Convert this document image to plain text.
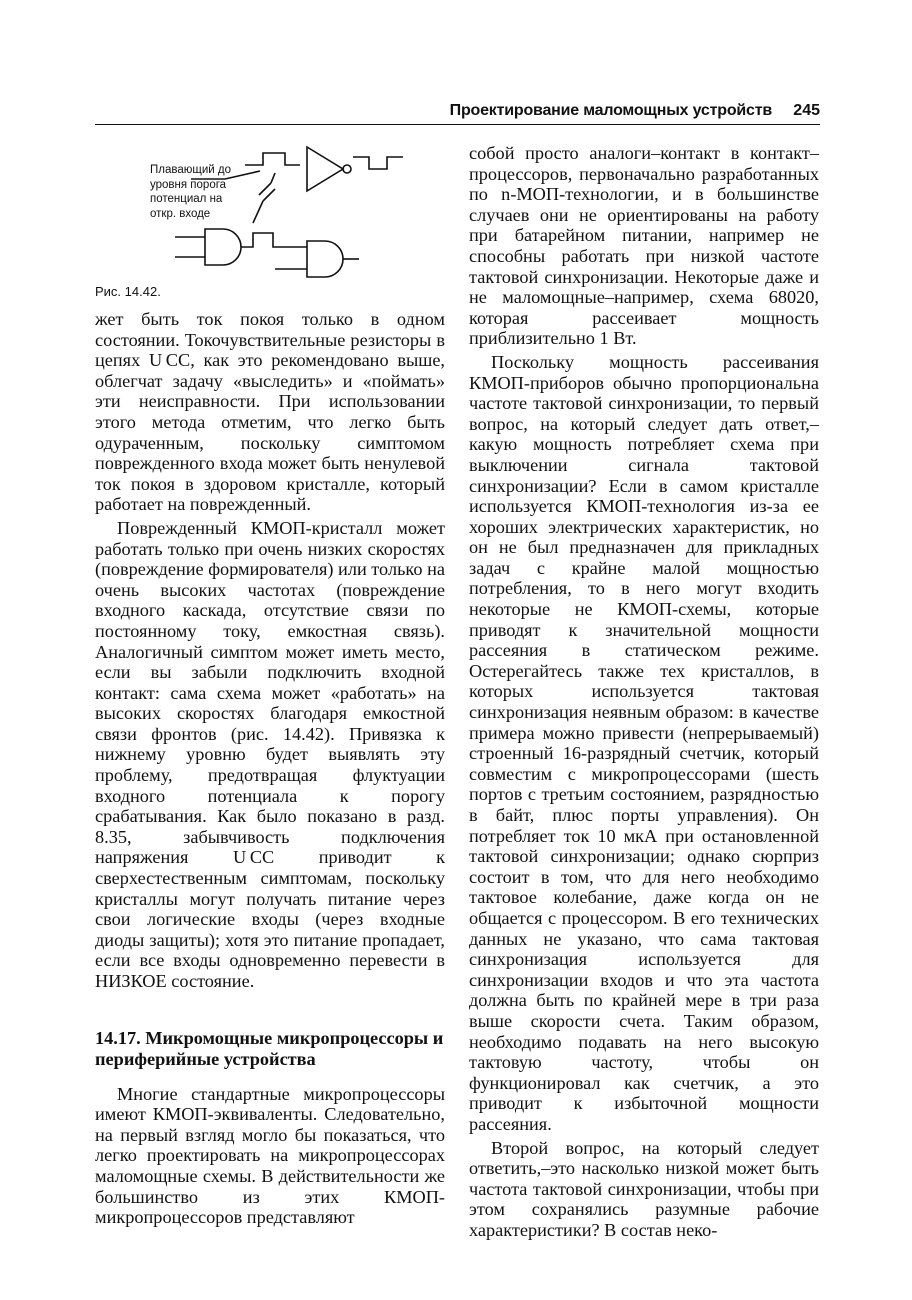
Проектирование маломощных устройств 245
Плавающий до
уровня порога
потенциал на
откр. входе
Рис. 14.42.

жет быть ток покоя только в одном состоянии. Токочувствительные резисторы в цепях U CC, как это рекомендовано выше, облегчат задачу «выследить» и «поймать» эти неисправности. При использовании этого метода отметим, что легко быть одураченным, поскольку симптомом поврежденного входа может быть ненулевой ток покоя в здоровом кристалле, который работает на поврежденный.

Поврежденный КМОП-кристалл может работать только при очень низких скоростях (повреждение формирователя) или только на очень высоких частотах (повреждение входного каскада, отсутствие связи по постоянному току, емкостная связь). Аналогичный симптом может иметь место, если вы забыли подключить входной контакт: сама схема может «работать» на высоких скоростях благодаря емкостной связи фронтов (рис. 14.42). Привязка к нижнему уровню будет выявлять эту проблему, предотвращая флуктуации входного потенциала к порогу срабатывания. Как было показано в разд. 8.35, забывчивость подключения напряжения U CC приводит к сверхестественным симптомам, поскольку кристаллы могут получать питание через свои логические входы (через входные диоды защиты); хотя это питание пропадает, если все входы одновременно перевести в НИЗКОЕ состояние.

14.17. Микромощные микропроцессоры и периферийные устройства

Многие стандартные микропроцессоры имеют КМОП-эквиваленты. Следовательно, на первый взгляд могло бы показаться, что легко проектировать на микропроцессорах маломощные схемы. В действительности же большинство из этих КМОП-микропроцессоров представляют

собой просто аналоги–контакт в контакт–процессоров, первоначально разработанных по n-МОП-технологии, и в большинстве случаев они не ориентированы на работу при батарейном питании, например не способны работать при низкой частоте тактовой синхронизации. Некоторые даже и не маломощные–например, схема 68020, которая рассеивает мощность приблизительно 1 Вт.

Поскольку мощность рассеивания КМОП-приборов обычно пропорциональна частоте тактовой синхронизации, то первый вопрос, на который следует дать ответ,–какую мощность потребляет схема при выключении сигнала тактовой синхронизации? Если в самом кристалле используется КМОП-технология из-за ее хороших электрических характеристик, но он не был предназначен для прикладных задач с крайне малой мощностью потребления, то в него могут входить некоторые не КМОП-схемы, которые приводят к значительной мощности рассеяния в статическом режиме. Остерегайтесь также тех кристаллов, в которых используется тактовая синхронизация неявным образом: в качестве примера можно привести (непрерываемый) строенный 16-разрядный счетчик, который совместим с микропроцессорами (шесть портов с третьим состоянием, разрядностью в байт, плюс порты управления). Он потребляет ток 10 мкА при остановленной тактовой синхронизации; однако сюрприз состоит в том, что для него необходимо тактовое колебание, даже когда он не общается с процессором. В его технических данных не указано, что сама тактовая синхронизация используется для синхронизации входов и что эта частота должна быть по крайней мере в три раза выше скорости счета. Таким образом, необходимо подавать на него высокую тактовую частоту, чтобы он функционировал как счетчик, а это приводит к избыточной мощности рассеяния.

Второй вопрос, на который следует ответить,–это насколько низкой может быть частота тактовой синхронизации, чтобы при этом сохранялись разумные рабочие характеристики? В состав неко-
